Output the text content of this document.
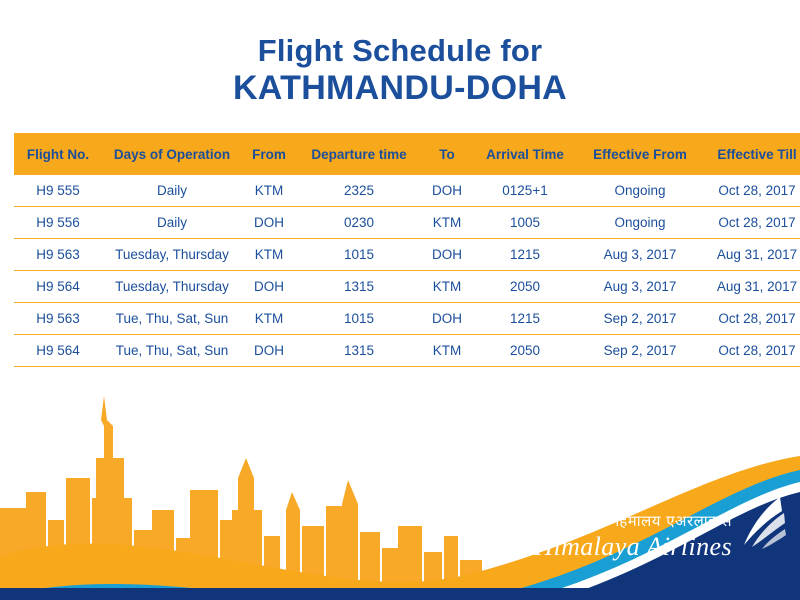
Flight Schedule for
KATHMANDU-DOHA
Flight No.	Days of Operation	From	Departure time	To	Arrival Time	Effective From	Effective Till
H9 555	Daily	KTM	2325	DOH	0125+1	Ongoing	Oct 28, 2017
H9 556	Daily	DOH	0230	KTM	1005	Ongoing	Oct 28, 2017
H9 563	Tuesday, Thursday	KTM	1015	DOH	1215	Aug 3, 2017	Aug 31, 2017
H9 564	Tuesday, Thursday	DOH	1315	KTM	2050	Aug 3, 2017	Aug 31, 2017
H9 563	Tue, Thu, Sat, Sun	KTM	1015	DOH	1215	Sep 2, 2017	Oct 28, 2017
H9 564	Tue, Thu, Sat, Sun	DOH	1315	KTM	2050	Sep 2, 2017	Oct 28, 2017
हिमालय एअरलाइन्स
Himalaya Airlines
